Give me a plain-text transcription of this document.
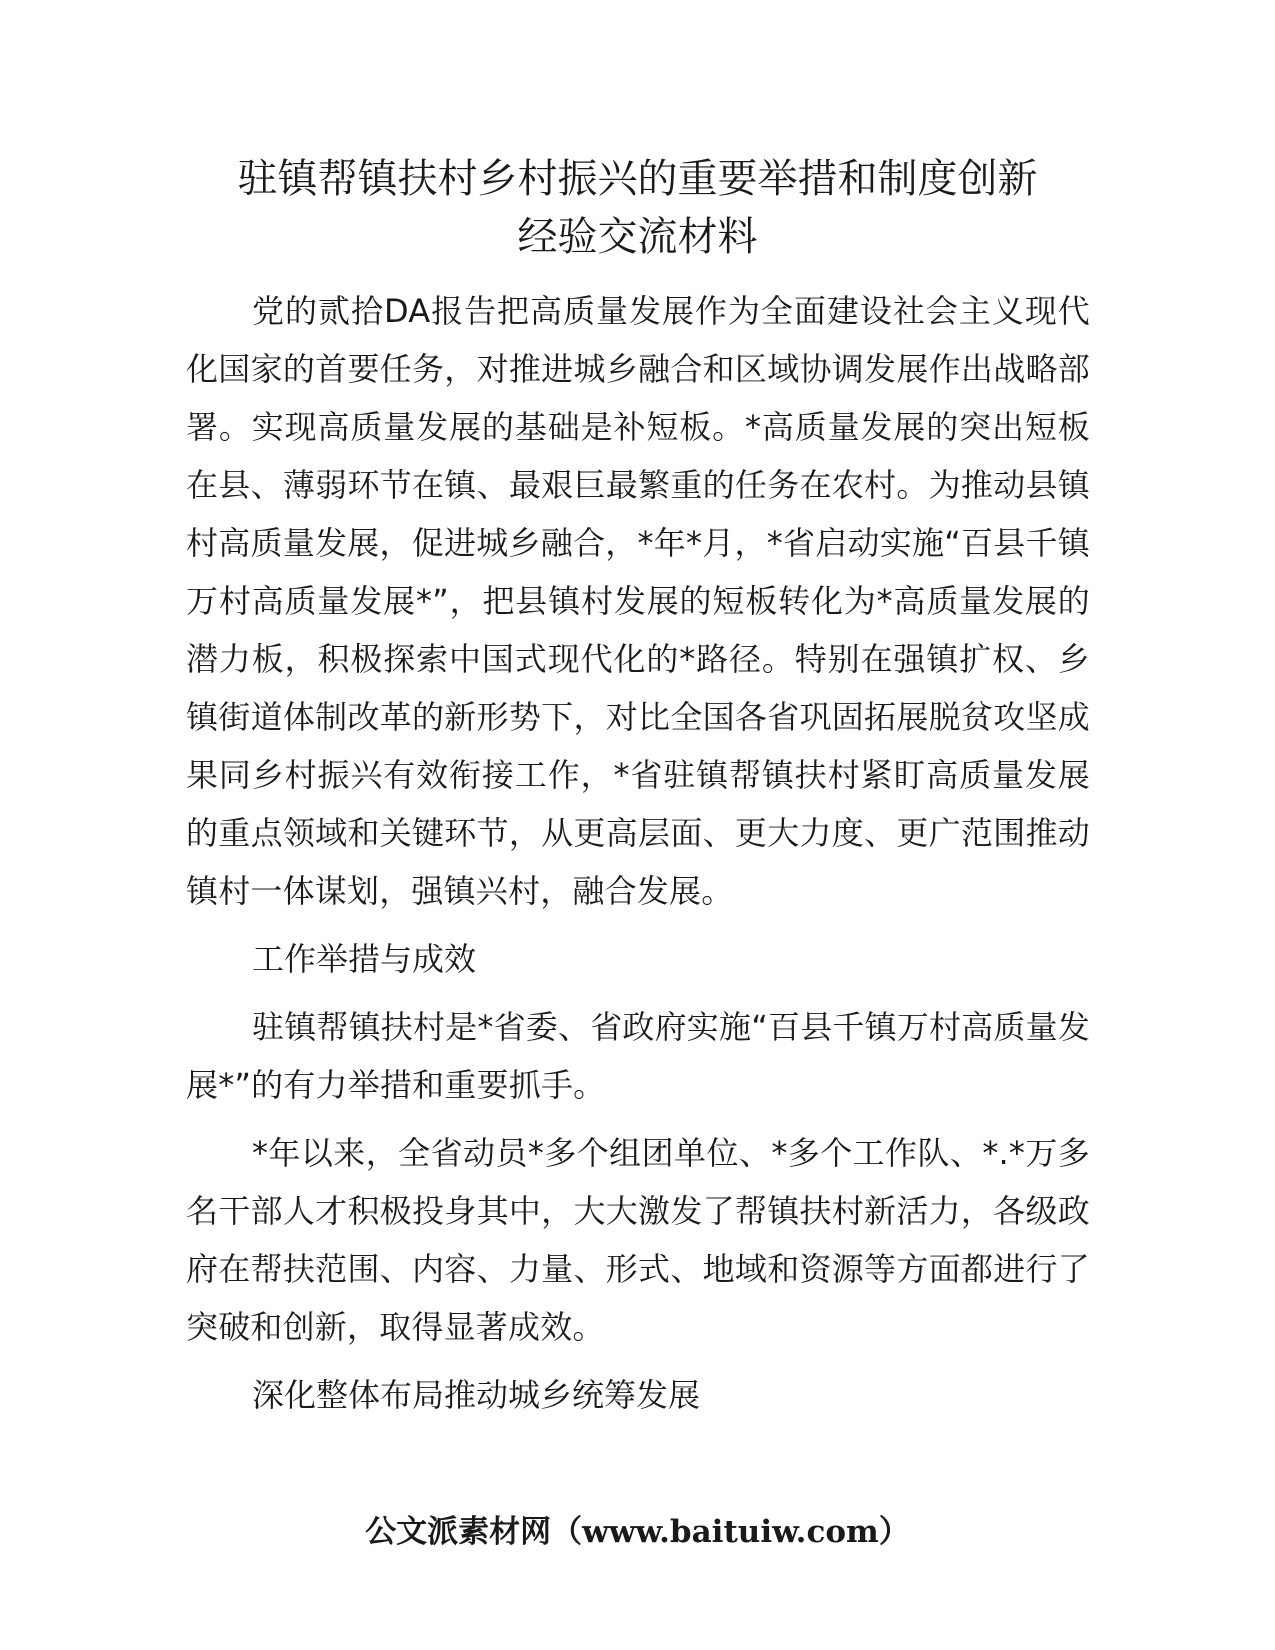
驻镇帮镇扶村乡村振兴的重要举措和制度创新
经验交流材料

党的贰拾DA报告把高质量发展作为全面建设社会主义现代化国家的首要任务，对推进城乡融合和区域协调发展作出战略部署。实现高质量发展的基础是补短板。*高质量发展的突出短板在县、薄弱环节在镇、最艰巨最繁重的任务在农村。为推动县镇村高质量发展，促进城乡融合，*年*月，*省启动实施“百县千镇万村高质量发展*”，把县镇村发展的短板转化为*高质量发展的潜力板，积极探索中国式现代化的*路径。特别在强镇扩权、乡镇街道体制改革的新形势下，对比全国各省巩固拓展脱贫攻坚成果同乡村振兴有效衔接工作，*省驻镇帮镇扶村紧盯高质量发展的重点领域和关键环节，从更高层面、更大力度、更广范围推动镇村一体谋划，强镇兴村，融合发展。

工作举措与成效

驻镇帮镇扶村是*省委、省政府实施“百县千镇万村高质量发展*”的有力举措和重要抓手。

*年以来，全省动员*多个组团单位、*多个工作队、*.*万多名干部人才积极投身其中，大大激发了帮镇扶村新活力，各级政府在帮扶范围、内容、力量、形式、地域和资源等方面都进行了突破和创新，取得显著成效。

深化整体布局推动城乡统筹发展

公文派素材网（www.baituiw.com）
